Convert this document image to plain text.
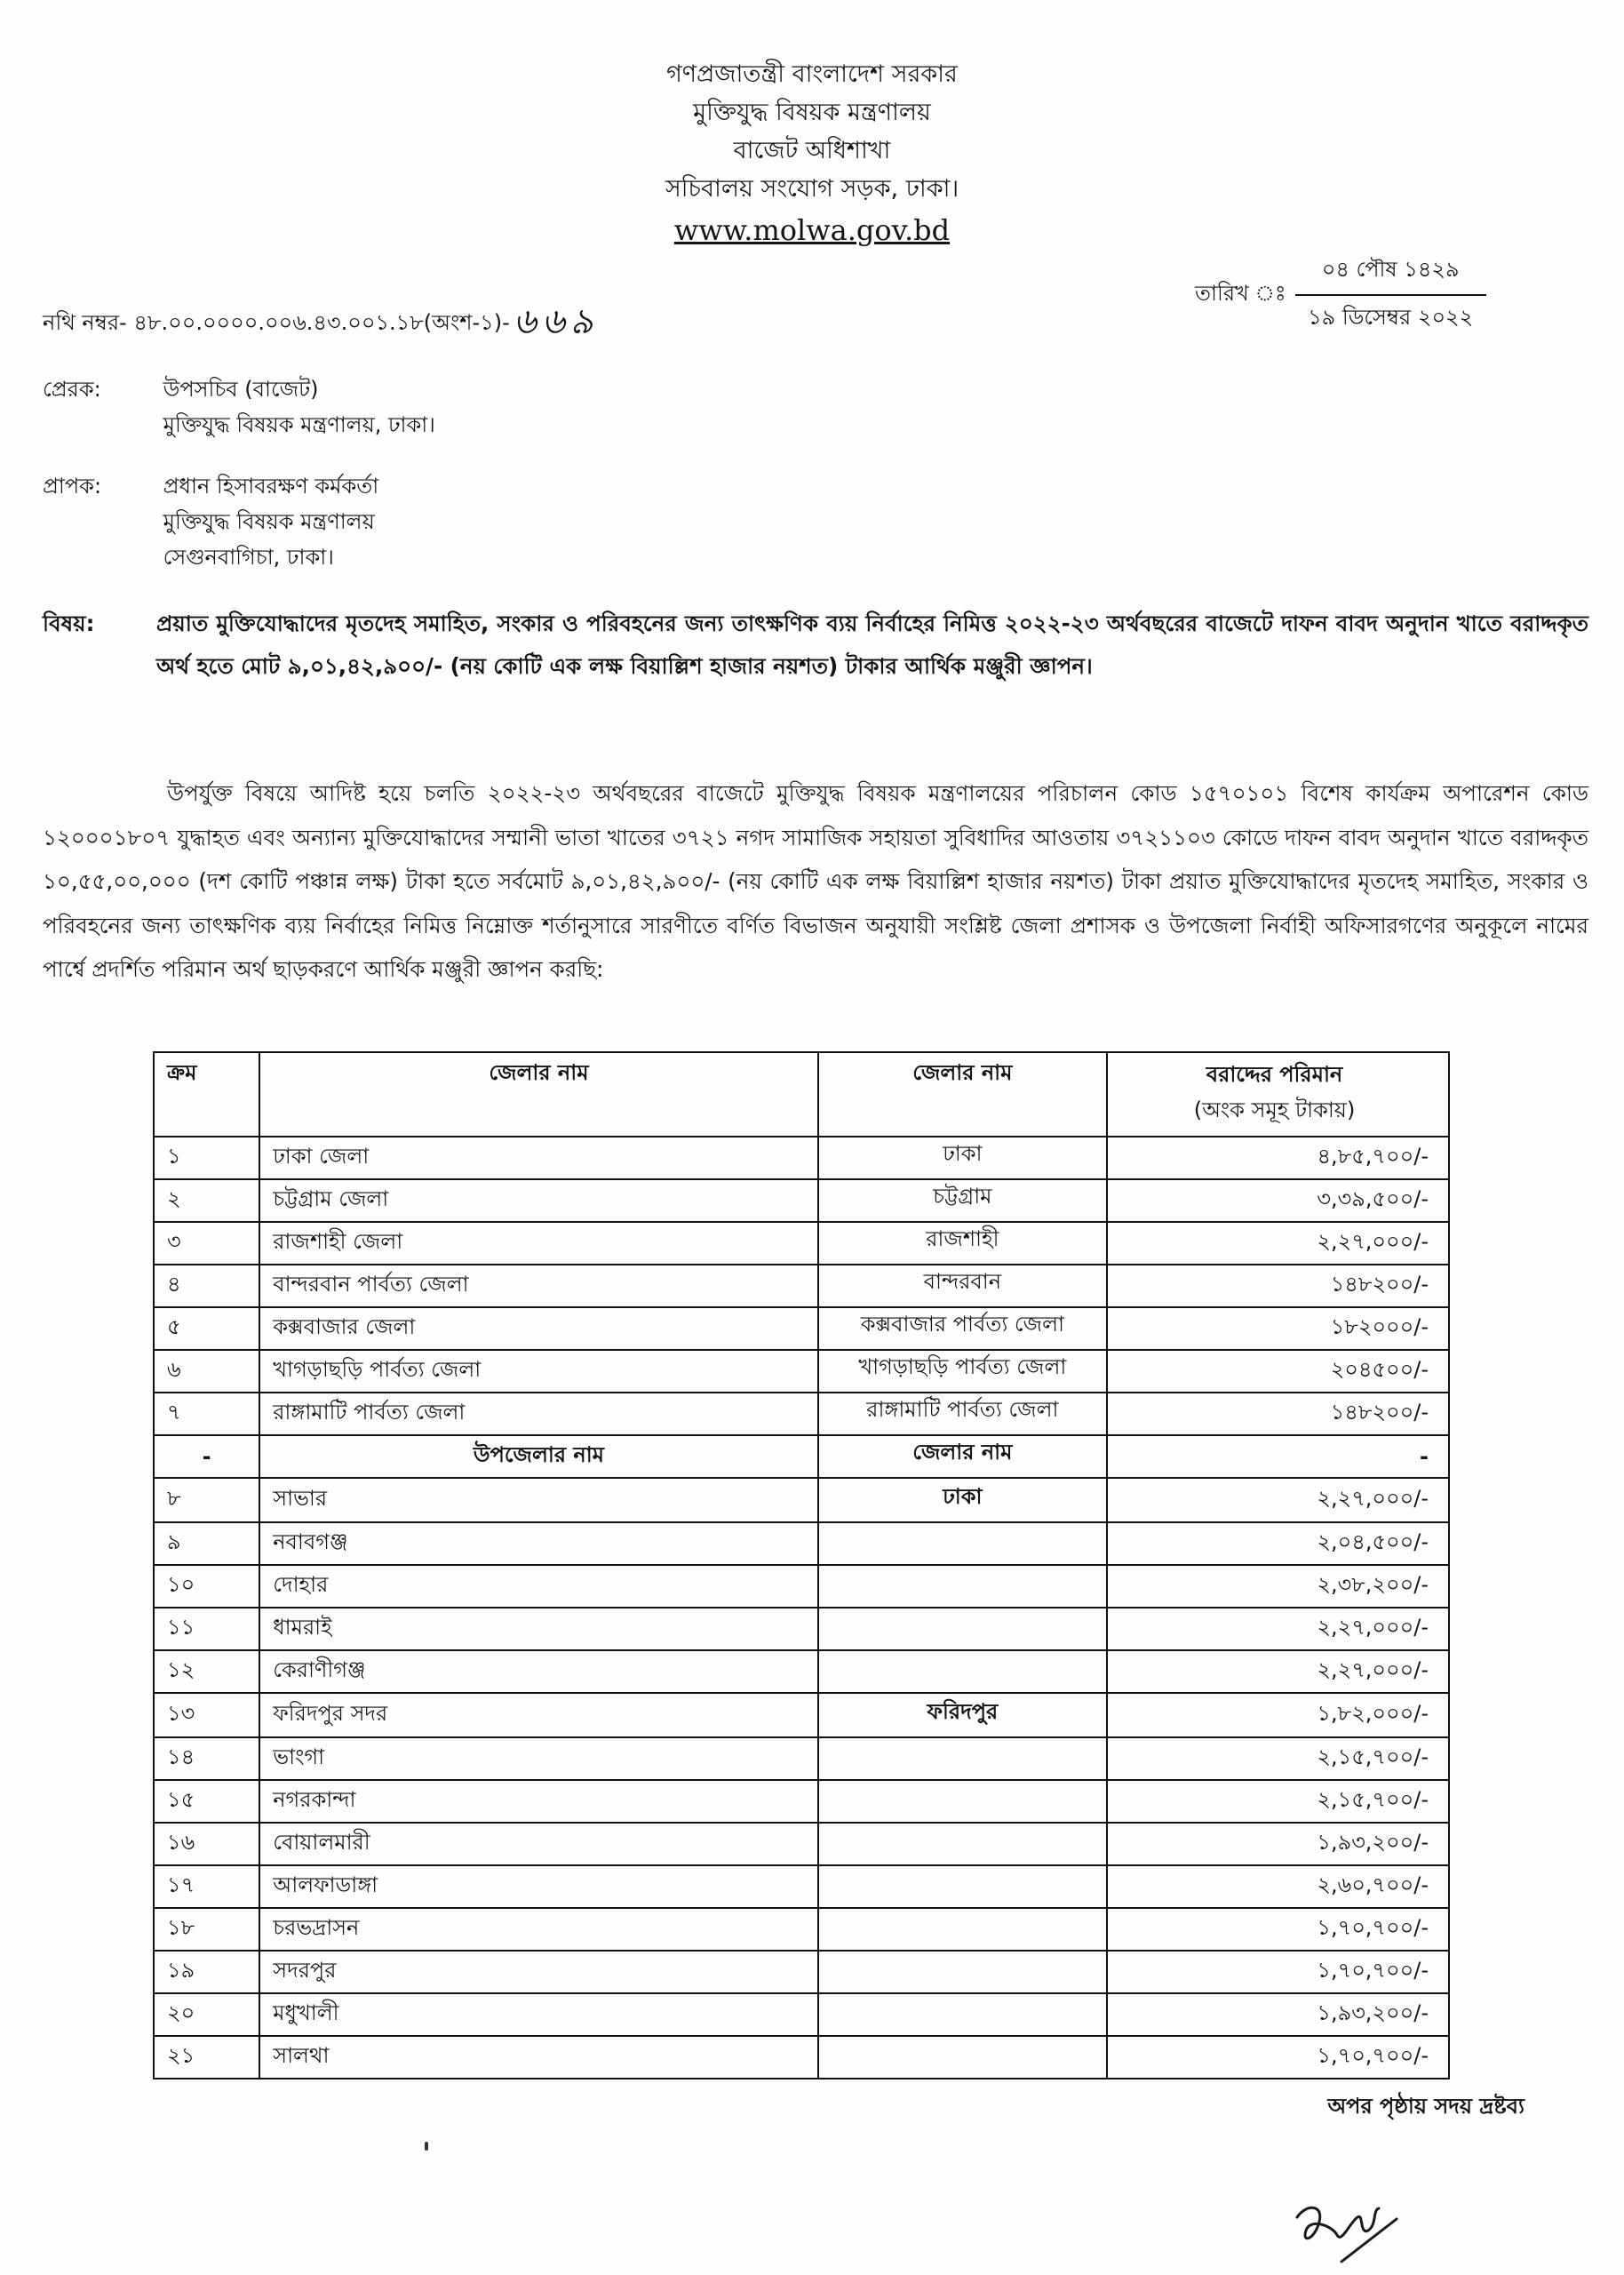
গণপ্রজাতন্ত্রী বাংলাদেশ সরকার
মুক্তিযুদ্ধ বিষয়ক মন্ত্রণালয়
বাজেট অধিশাখা
সচিবালয় সংযোগ সড়ক, ঢাকা।
www.molwa.gov.bd
নথি নম্বর- ৪৮.০০.০০০০.০০৬.৪৩.০০১.১৮(অংশ-১)- ৬৬৯
তারিখ ঃ $\frac{\text{০৪ পৌষ ১৪২৯}}{\text{১৯ ডিসেম্বর ২০২২}}$
প্রেরক:	উপসচিব (বাজেট)
মুক্তিযুদ্ধ বিষয়ক মন্ত্রণালয়, ঢাকা।
প্রাপক:	প্রধান হিসাবরক্ষণ কর্মকর্তা
মুক্তিযুদ্ধ বিষয়ক মন্ত্রণালয়
সেগুনবাগিচা, ঢাকা।
বিষয়:	প্রয়াত মুক্তিযোদ্ধাদের মৃতদেহ সমাহিত, সংকার ও পরিবহনের জন্য তাৎক্ষণিক ব্যয় নির্বাহের নিমিত্ত ২০২২-২৩ অর্থবছরের বাজেটে দাফন বাবদ অনুদান খাতে বরাদ্দকৃত অর্থ হতে মোট ৯,০১,৪২,৯০০/- (নয় কোটি এক লক্ষ বিয়াল্লিশ হাজার নয়শত) টাকার আর্থিক মঞ্জুরী জ্ঞাপন।
উপর্যুক্ত বিষয়ে আদিষ্ট হয়ে চলতি ২০২২-২৩ অর্থবছরের বাজেটে মুক্তিযুদ্ধ বিষয়ক মন্ত্রণালয়ের পরিচালন কোড ১৫৭০১০১ বিশেষ কার্যক্রম অপারেশন কোড ১২০০০১৮০৭ যুদ্ধাহত এবং অন্যান্য মুক্তিযোদ্ধাদের সম্মানী ভাতা খাতের ৩৭২১ নগদ সামাজিক সহায়তা সুবিধাদির আওতায় ৩৭২১১০৩ কোডে দাফন বাবদ অনুদান খাতে বরাদ্দকৃত ১০,৫৫,০০,০০০ (দশ কোটি পঞ্চান্ন লক্ষ) টাকা হতে সর্বমোট ৯,০১,৪২,৯০০/- (নয় কোটি এক লক্ষ বিয়াল্লিশ হাজার নয়শত) টাকা প্রয়াত মুক্তিযোদ্ধাদের মৃতদেহ সমাহিত, সংকার ও পরিবহনের জন্য তাৎক্ষণিক ব্যয় নির্বাহের নিমিত্ত নিম্নোক্ত শর্তানুসারে সারণীতে বর্ণিত বিভাজন অনুযায়ী সংশ্লিষ্ট জেলা প্রশাসক ও উপজেলা নির্বাহী অফিসারগণের অনুকূলে নামের পার্শ্বে প্রদর্শিত পরিমান অর্থ ছাড়করণে আর্থিক মঞ্জুরী জ্ঞাপন করছি:
ক্রম	জেলার নাম	জেলার নাম	বরাদ্দের পরিমান
(অংক সমূহ টাকায়)

১	ঢাকা জেলা	ঢাকা	৪,৮৫,৭০০/-
২	চট্টগ্রাম জেলা	চট্টগ্রাম	৩,৩৯,৫০০/-
৩	রাজশাহী জেলা	রাজশাহী	২,২৭,০০০/-
৪	বান্দরবান পার্বত্য জেলা	বান্দরবান	১৪৮২০০/-
৫	কক্সবাজার জেলা	কক্সবাজার পার্বত্য জেলা	১৮২০০০/-
৬	খাগড়াছড়ি পার্বত্য জেলা	খাগড়াছড়ি পার্বত্য জেলা	২০৪৫০০/-
৭	রাঙ্গামাটি পার্বত্য জেলা	রাঙ্গামাটি পার্বত্য জেলা	১৪৮২০০/-
-	উপজেলার নাম	জেলার নাম	-
৮	সাভার	ঢাকা	২,২৭,০০০/-
৯	নবাবগঞ্জ		২,০৪,৫০০/-
১০	দোহার		২,৩৮,২০০/-
১১	ধামরাই		২,২৭,০০০/-
১২	কেরাণীগঞ্জ		২,২৭,০০০/-
১৩	ফরিদপুর সদর	ফরিদপুর	১,৮২,০০০/-
১৪	ভাংগা		২,১৫,৭০০/-
১৫	নগরকান্দা		২,১৫,৭০০/-
১৬	বোয়ালমারী		১,৯৩,২০০/-
১৭	আলফাডাঙ্গা		২,৬০,৭০০/-
১৮	চরভদ্রাসন		১,৭০,৭০০/-
১৯	সদরপুর		১,৭০,৭০০/-
২০	মধুখালী		১,৯৩,২০০/-
২১	সালথা		১,৭০,৭০০/-
অপর পৃষ্ঠায় সদয় দ্রষ্টব্য
